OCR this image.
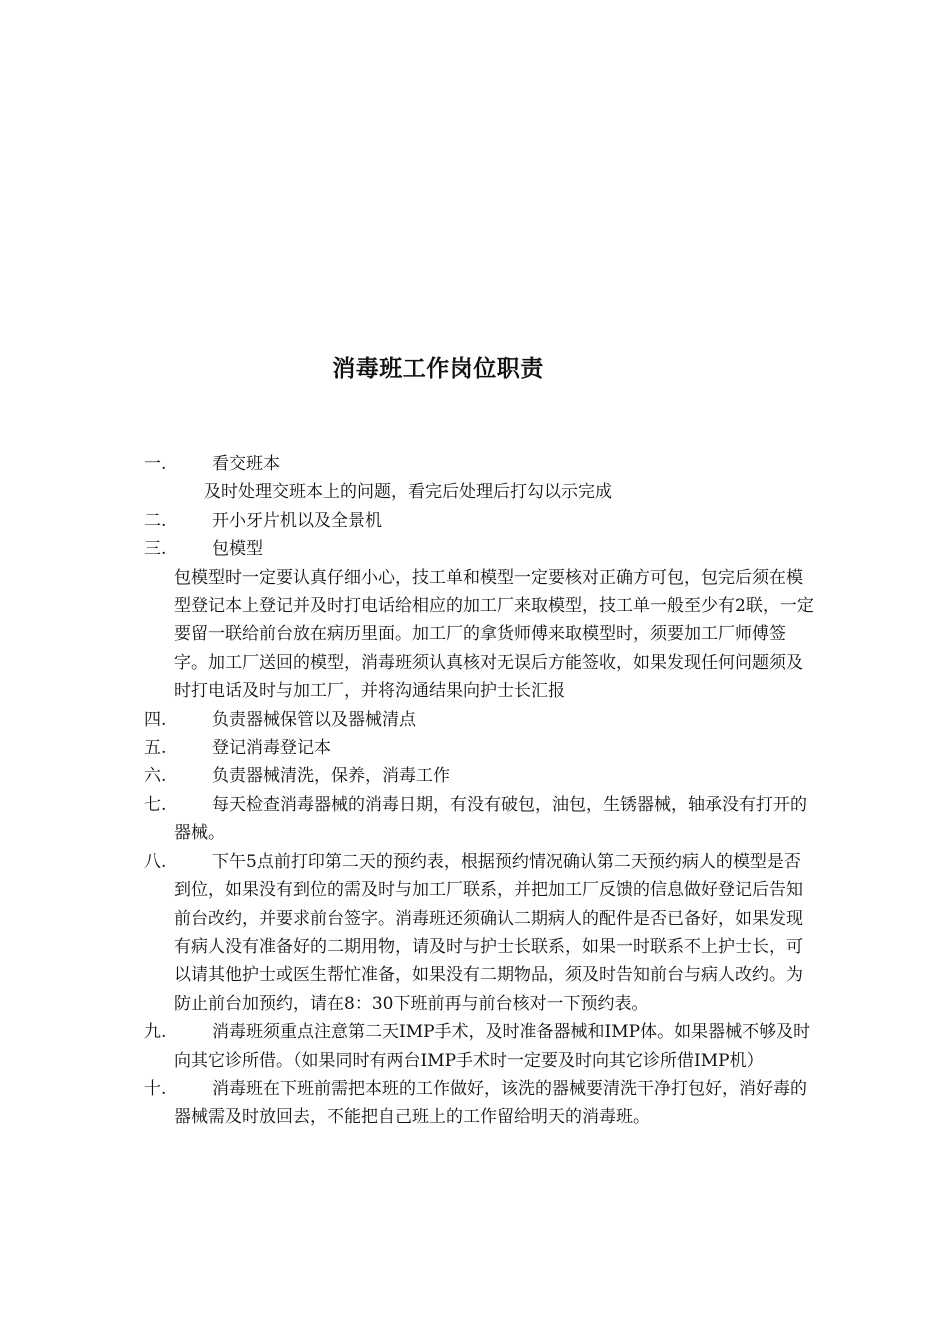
消毒班工作岗位职责
一.	看交班本
及时处理交班本上的问题，看完后处理后打勾以示完成
二.	开小牙片机以及全景机
三.	包模型
包模型时一定要认真仔细小心，技工单和模型一定要核对正确方可包，包完后须在模型登记本上登记并及时打电话给相应的加工厂来取模型，技工单一般至少有2联，一定要留一联给前台放在病历里面。加工厂的拿货师傅来取模型时，须要加工厂师傅签字。加工厂送回的模型，消毒班须认真核对无误后方能签收，如果发现任何问题须及时打电话及时与加工厂，并将沟通结果向护士长汇报
四.	负责器械保管以及器械清点
五.	登记消毒登记本
六.	负责器械清洗，保养，消毒工作
七.	每天检查消毒器械的消毒日期，有没有破包，油包，生锈器械，轴承没有打开的器械。
八.	下午5点前打印第二天的预约表，根据预约情况确认第二天预约病人的模型是否到位，如果没有到位的需及时与加工厂联系，并把加工厂反馈的信息做好登记后告知前台改约，并要求前台签字。消毒班还须确认二期病人的配件是否已备好，如果发现有病人没有准备好的二期用物，请及时与护士长联系，如果一时联系不上护士长，可以请其他护士或医生帮忙准备，如果没有二期物品，须及时告知前台与病人改约。为防止前台加预约，请在8：30下班前再与前台核对一下预约表。
九.	消毒班须重点注意第二天IMP手术，及时准备器械和IMP体。如果器械不够及时向其它诊所借。（如果同时有两台IMP手术时一定要及时向其它诊所借IMP机）
十.	消毒班在下班前需把本班的工作做好，该洗的器械要清洗干净打包好，消好毒的器械需及时放回去，不能把自己班上的工作留给明天的消毒班。
